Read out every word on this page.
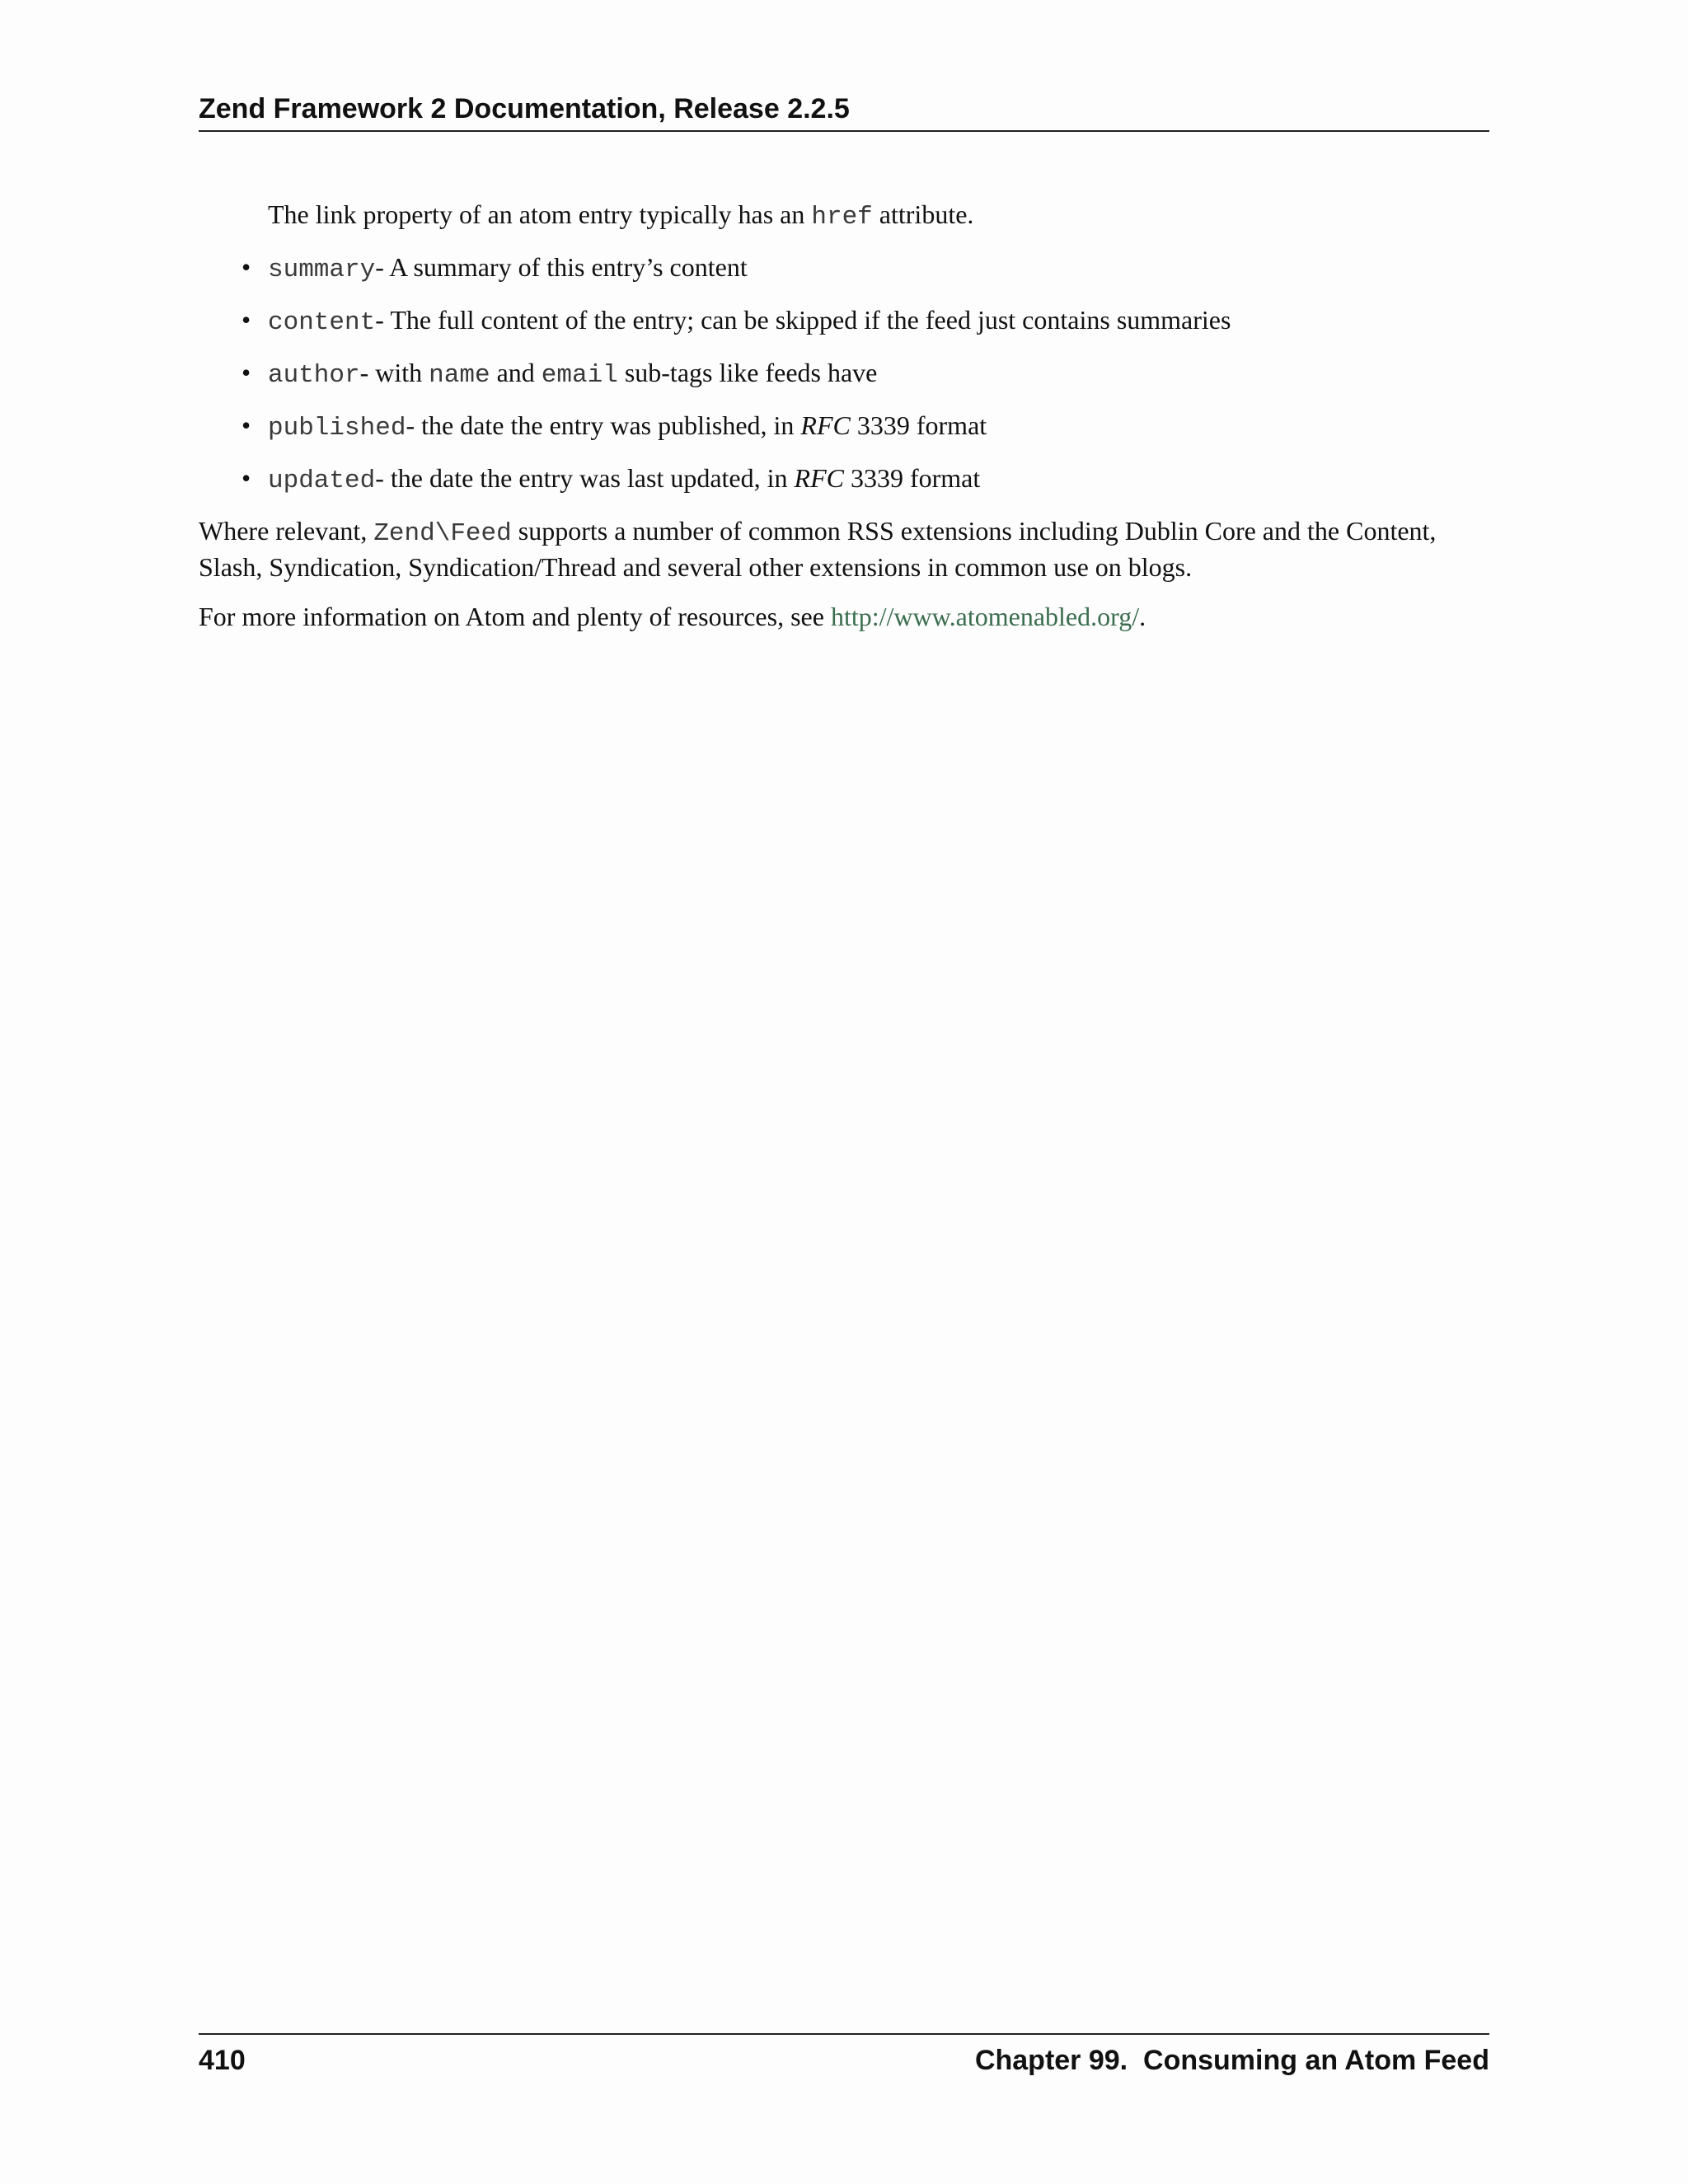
Zend Framework 2 Documentation, Release 2.2.5

The link property of an atom entry typically has an href attribute.

• summary- A summary of this entry’s content
• content- The full content of the entry; can be skipped if the feed just contains summaries
• author- with name and email sub-tags like feeds have
• published- the date the entry was published, in RFC 3339 format
• updated- the date the entry was last updated, in RFC 3339 format

Where relevant, Zend\Feed supports a number of common RSS extensions including Dublin Core and the Content, Slash, Syndication, Syndication/Thread and several other extensions in common use on blogs.

For more information on Atom and plenty of resources, see http://www.atomenabled.org/.

410	Chapter 99.  Consuming an Atom Feed
